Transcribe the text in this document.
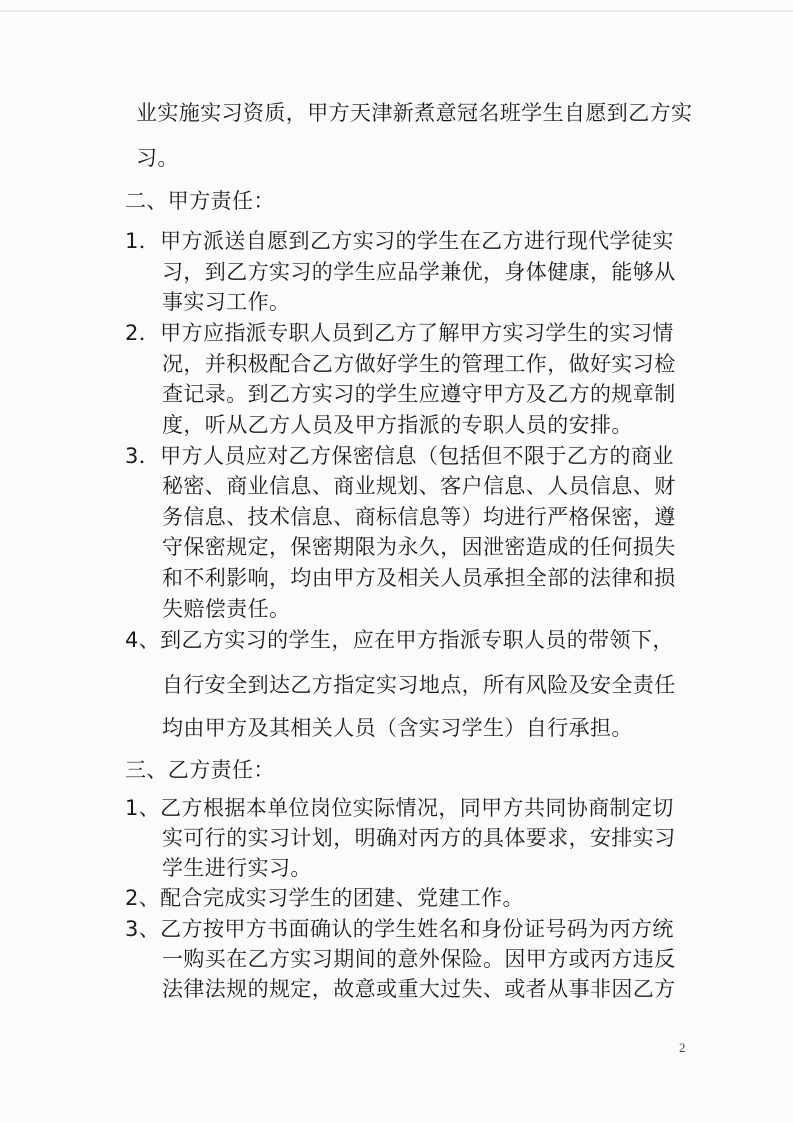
业实施实习资质，甲方天津新煮意冠名班学生自愿到乙方实
习。
二、甲方责任：
1．甲方派送自愿到乙方实习的学生在乙方进行现代学徒实
习，到乙方实习的学生应品学兼优，身体健康，能够从
事实习工作。
2．甲方应指派专职人员到乙方了解甲方实习学生的实习情
况，并积极配合乙方做好学生的管理工作，做好实习检
查记录。到乙方实习的学生应遵守甲方及乙方的规章制
度，听从乙方人员及甲方指派的专职人员的安排。
3．甲方人员应对乙方保密信息（包括但不限于乙方的商业
秘密、商业信息、商业规划、客户信息、人员信息、财
务信息、技术信息、商标信息等）均进行严格保密，遵
守保密规定，保密期限为永久，因泄密造成的任何损失
和不利影响，均由甲方及相关人员承担全部的法律和损
失赔偿责任。
4、到乙方实习的学生，应在甲方指派专职人员的带领下，
自行安全到达乙方指定实习地点，所有风险及安全责任
均由甲方及其相关人员（含实习学生）自行承担。
三、乙方责任：
1、乙方根据本单位岗位实际情况，同甲方共同协商制定切
实可行的实习计划，明确对丙方的具体要求，安排实习
学生进行实习。
2、配合完成实习学生的团建、党建工作。
3、乙方按甲方书面确认的学生姓名和身份证号码为丙方统
一购买在乙方实习期间的意外保险。因甲方或丙方违反
法律法规的规定，故意或重大过失、或者从事非因乙方
2
